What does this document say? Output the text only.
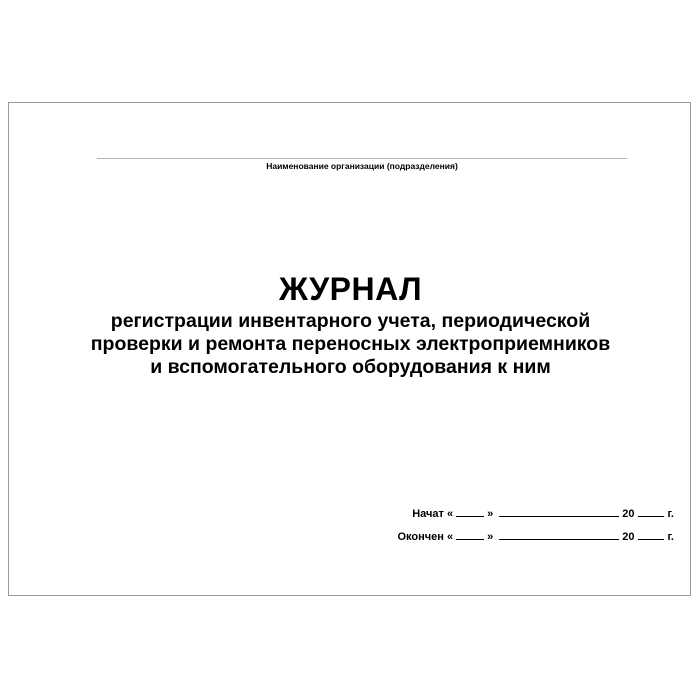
Наименование организации (подразделения)
ЖУРНАЛ
регистрации инвентарного учета, периодической
проверки и ремонта переносных электроприемников
и вспомогательного оборудования к ним
Начат «	»	20	г.
Окончен «	»	20	г.
